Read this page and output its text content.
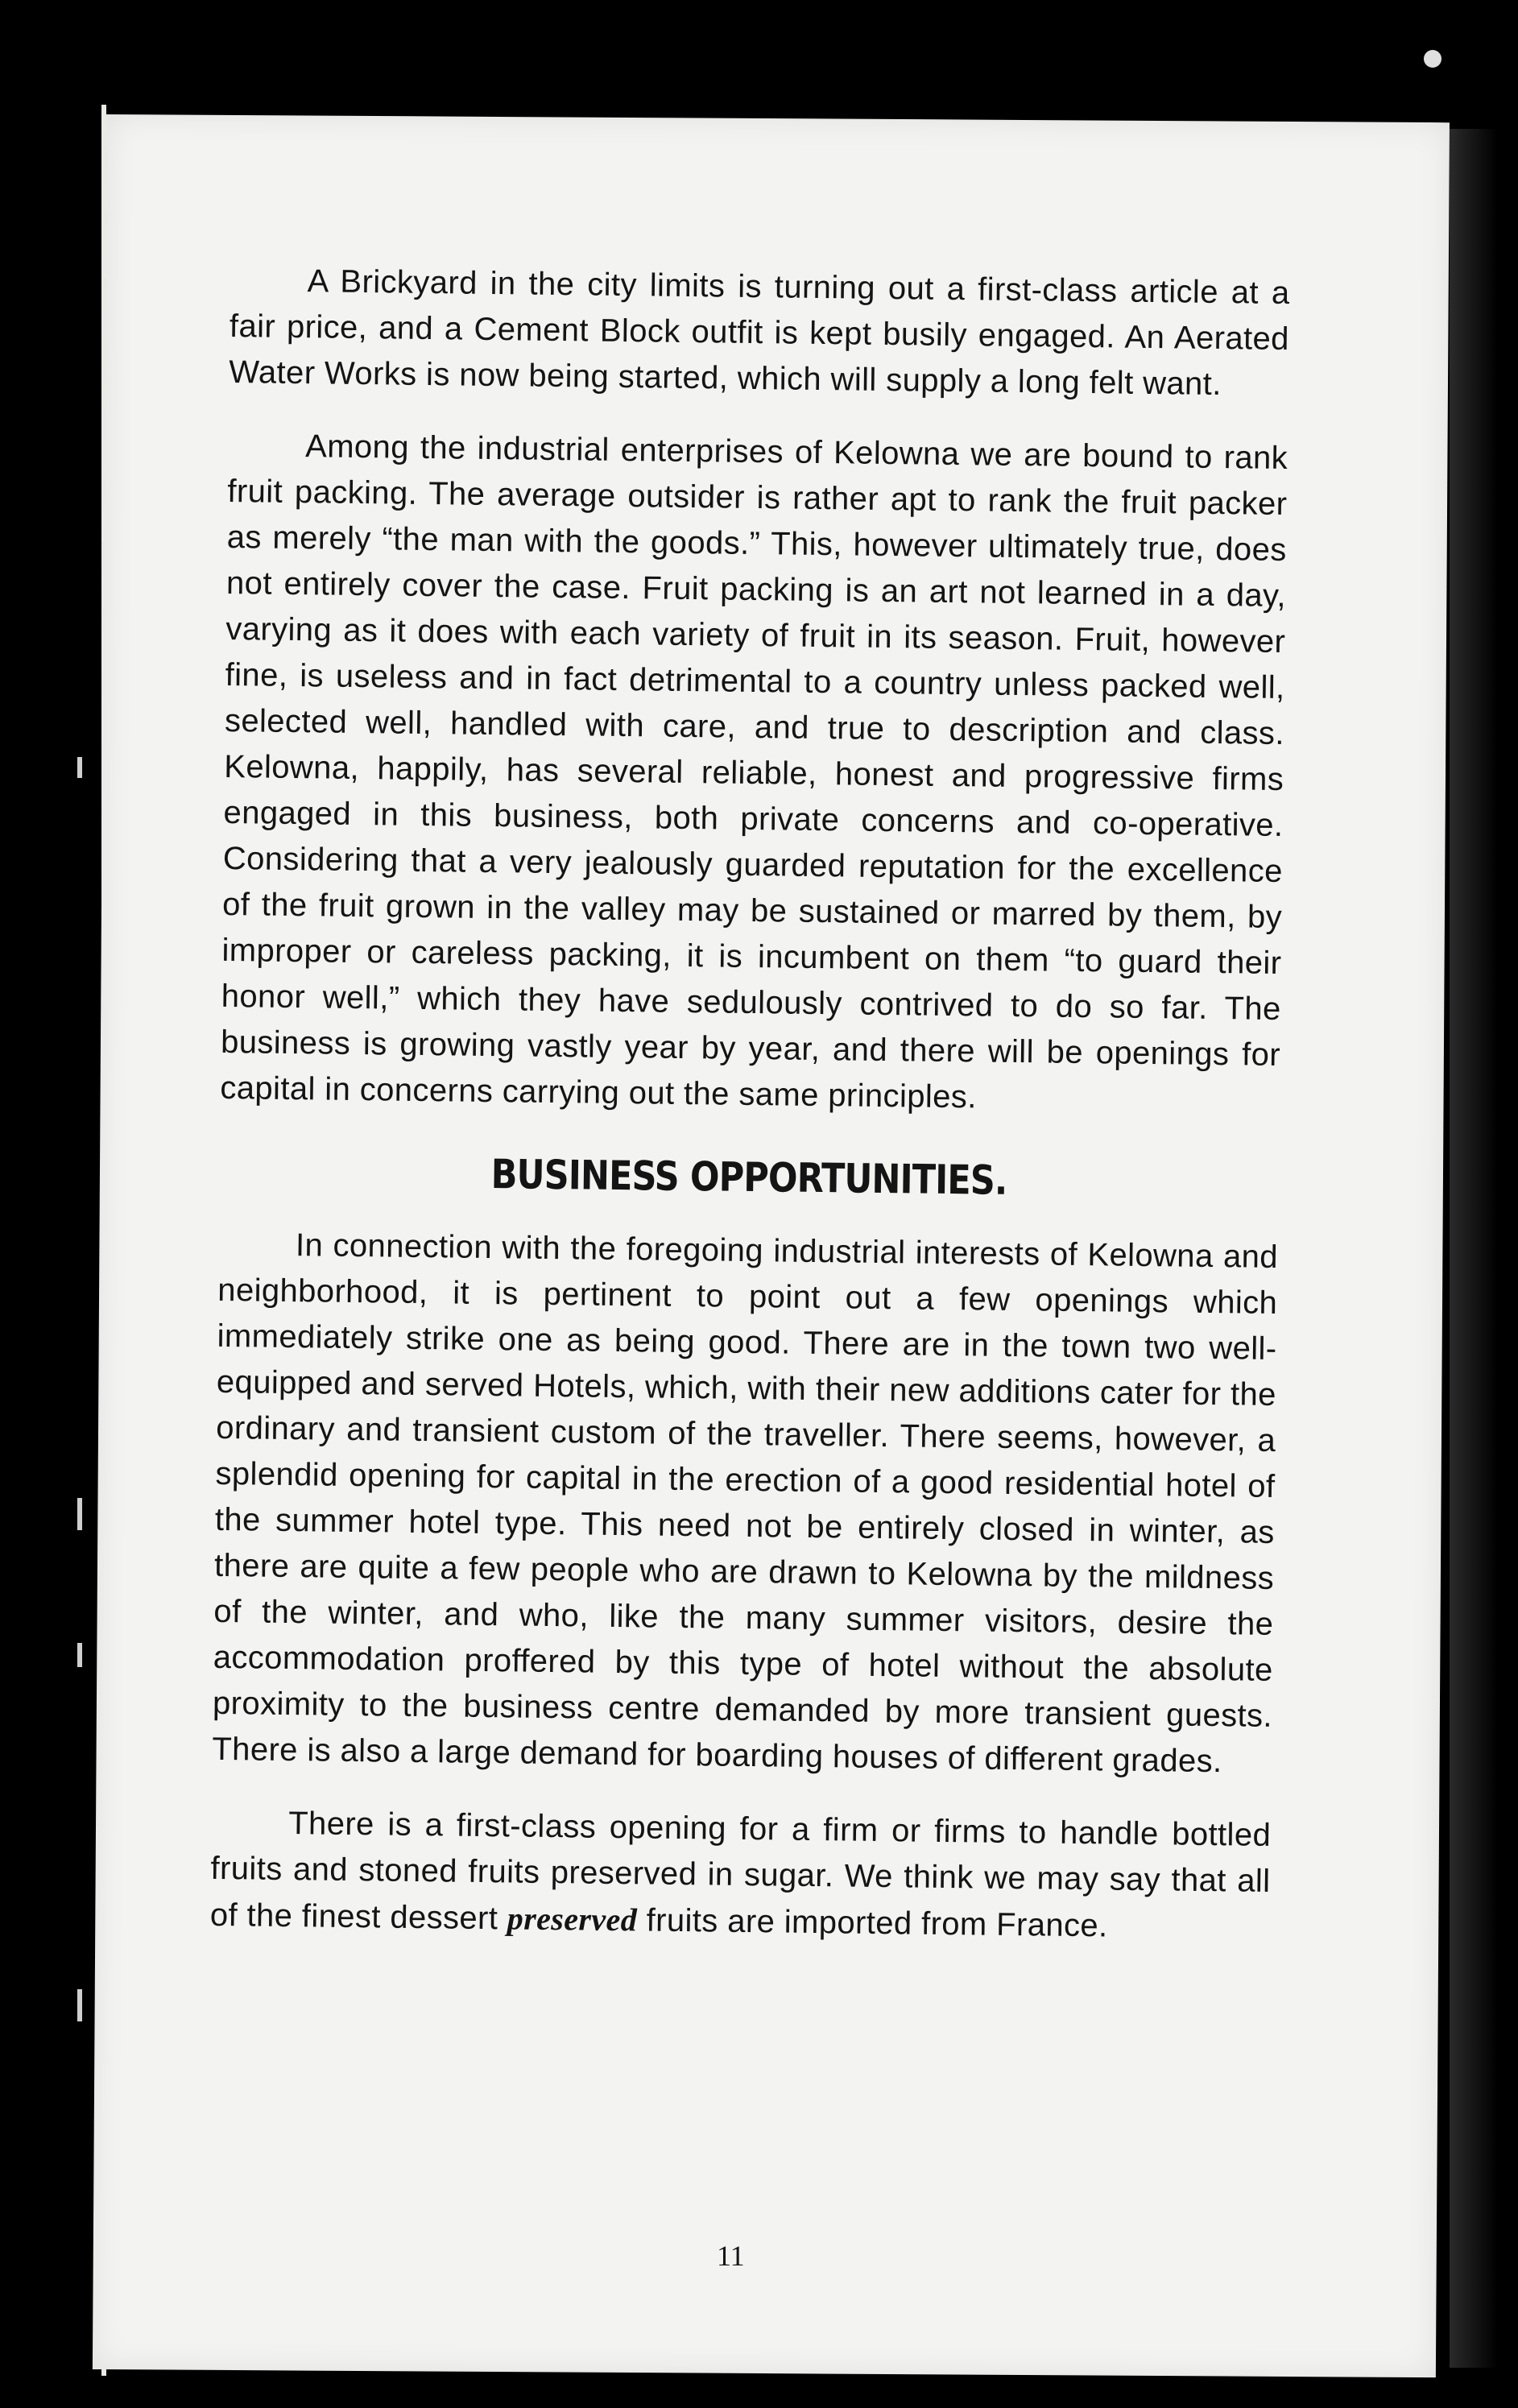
A Brickyard in the city limits is turning out a first-class article at a fair price, and a Cement Block outfit is kept busily engaged. An Aerated Water Works is now being started, which will supply a long felt want.

Among the industrial enterprises of Kelowna we are bound to rank fruit packing. The average outsider is rather apt to rank the fruit packer as merely “the man with the goods.” This, however ultimately true, does not entirely cover the case. Fruit packing is an art not learned in a day, varying as it does with each variety of fruit in its season. Fruit, however fine, is useless and in fact detrimental to a country unless packed well, selected well, handled with care, and true to description and class. Kelowna, happily, has several reliable, honest and progressive firms engaged in this business, both private concerns and co-operative. Considering that a very jealously guarded reputation for the excellence of the fruit grown in the valley may be sustained or marred by them, by improper or careless packing, it is incumbent on them “to guard their honor well,” which they have sedulously contrived to do so far. The business is growing vastly year by year, and there will be openings for capital in concerns carrying out the same principles.

BUSINESS OPPORTUNITIES.

In connection with the foregoing industrial interests of Kelowna and neighborhood, it is pertinent to point out a few openings which immediately strike one as being good. There are in the town two well-equipped and served Hotels, which, with their new additions cater for the ordinary and transient custom of the traveller. There seems, however, a splendid opening for capital in the erection of a good residential hotel of the summer hotel type. This need not be entirely closed in winter, as there are quite a few people who are drawn to Kelowna by the mildness of the winter, and who, like the many summer visitors, desire the accommodation proffered by this type of hotel without the absolute proximity to the business centre demanded by more transient guests. There is also a large demand for boarding houses of different grades.

There is a first-class opening for a firm or firms to handle bottled fruits and stoned fruits preserved in sugar. We think we may say that all of the finest dessert preserved fruits are imported from France.

11
